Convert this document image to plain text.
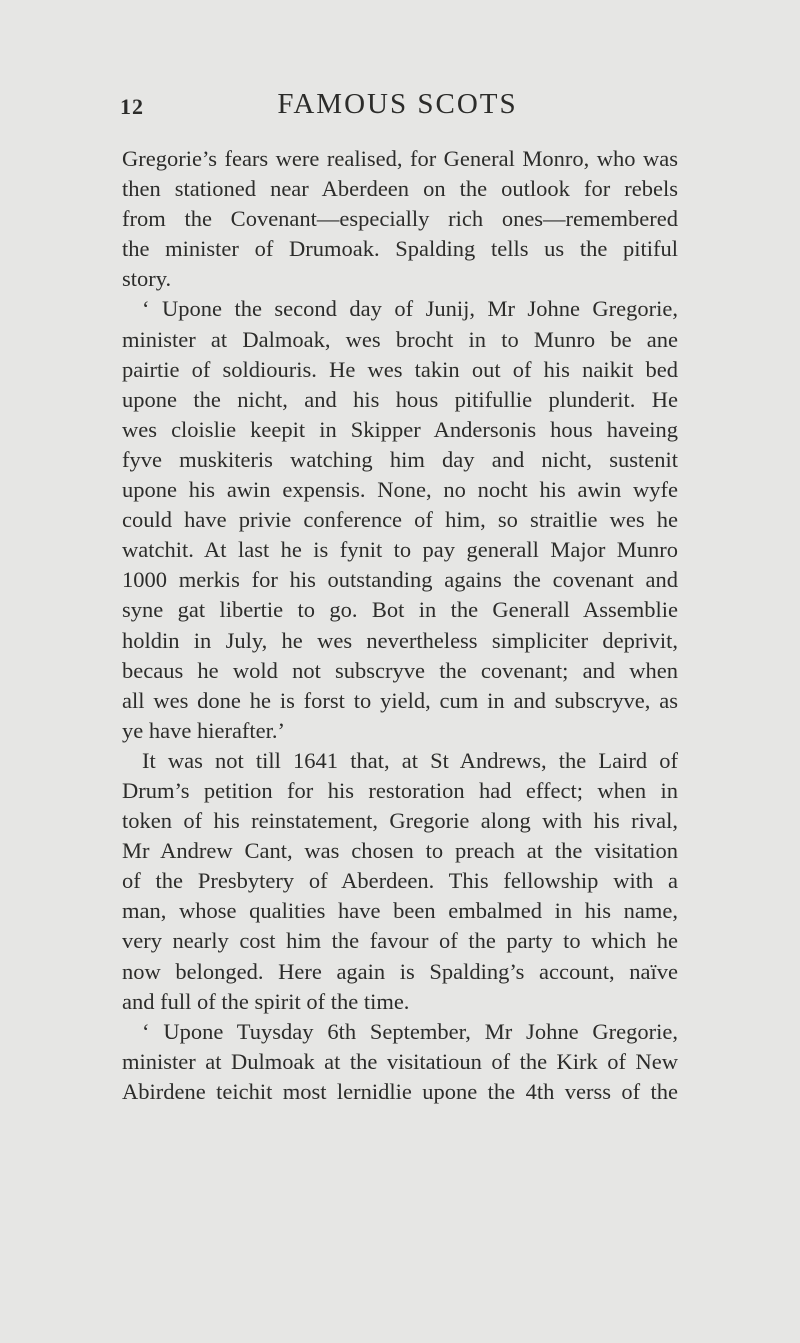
12	FAMOUS SCOTS
Gregorie’s fears were realised, for General Monro, who was
then stationed near Aberdeen on the outlook for rebels
from the Covenant—especially rich ones—remembered
the minister of Drumoak. Spalding tells us the pitiful
story.
‘ Upone the second day of Junij, Mr Johne Gregorie,
minister at Dalmoak, wes brocht in to Munro be ane
pairtie of soldiouris. He wes takin out of his naikit bed
upone the nicht, and his hous pitifullie plunderit. He
wes cloislie keepit in Skipper Andersonis hous haveing
fyve muskiteris watching him day and nicht, sustenit
upone his awin expensis. None, no nocht his awin wyfe
could have privie conference of him, so straitlie wes he
watchit. At last he is fynit to pay generall Major Munro
1000 merkis for his outstanding agains the covenant and
syne gat libertie to go. Bot in the Generall Assemblie
holdin in July, he wes nevertheless simpliciter deprivit,
becaus he wold not subscryve the covenant; and when
all wes done he is forst to yield, cum in and subscryve, as
ye have hierafter.’
It was not till 1641 that, at St Andrews, the Laird of
Drum’s petition for his restoration had effect; when in
token of his reinstatement, Gregorie along with his rival,
Mr Andrew Cant, was chosen to preach at the visitation
of the Presbytery of Aberdeen. This fellowship with a
man, whose qualities have been embalmed in his name,
very nearly cost him the favour of the party to which he
now belonged. Here again is Spalding’s account, naïve
and full of the spirit of the time.
‘ Upone Tuysday 6th September, Mr Johne Gregorie,
minister at Dulmoak at the visitatioun of the Kirk of New
Abirdene teichit most lernidlie upone the 4th verss of the
